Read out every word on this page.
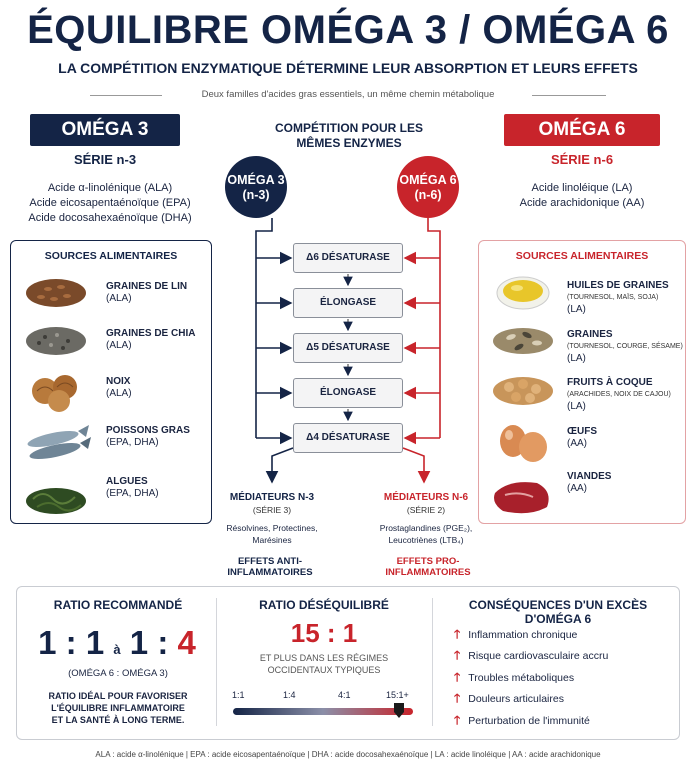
ÉQUILIBRE OMÉGA 3 / OMÉGA 6
LA COMPÉTITION ENZYMATIQUE DÉTERMINE LEUR ABSORPTION ET LEURS EFFETS
Deux familles d'acides gras essentiels, un même chemin métabolique
OMÉGA 3	OMÉGA 6
SÉRIE n-3	SÉRIE n-6
Acide α-linolénique (ALA)
Acide eicosapentaénoïque (EPA)
Acide docosahexaénoïque (DHA)
Acide linoléique (LA)
Acide arachidonique (AA)
SOURCES ALIMENTAIRES
GRAINES DE LIN
(ALA)
GRAINES DE CHIA
(ALA)
NOIX
(ALA)
POISSONS GRAS
(EPA, DHA)
ALGUES
(EPA, DHA)
SOURCES ALIMENTAIRES
HUILES DE GRAINES
(TOURNESOL, MAÏS, SOJA)
(LA)
GRAINES
(TOURNESOL, COURGE, SÉSAME)
(LA)
FRUITS À COQUE
(ARACHIDES, NOIX DE CAJOU)
(LA)
ŒUFS
(AA)
VIANDES
(AA)
COMPÉTITION POUR LES
MÊMES ENZYMES
OMÉGA 3
(n-3)
OMÉGA 6
(n-6)
Δ6 DÉSATURASE
ÉLONGASE
Δ5 DÉSATURASE
ÉLONGASE
Δ4 DÉSATURASE
MÉDIATEURS N-3
(SÉRIE 3)
Résolvines, Protectines,
Marésines
MÉDIATEURS N-6
(SÉRIE 2)
Prostaglandines (PGE₂),
Leucotriènes (LTB₄)
EFFETS ANTI-INFLAMMATOIRES
EFFETS PRO-INFLAMMATOIRES
RATIO RECOMMANDÉ
1 : 1 à 1 : 4
(OMÉGA 6 : OMÉGA 3)
RATIO IDÉAL POUR FAVORISER
L'ÉQUILIBRE INFLAMMATOIRE
ET LA SANTÉ À LONG TERME.
RATIO DÉSÉQUILIBRÉ
15 : 1
ET PLUS DANS LES RÉGIMES
OCCIDENTAUX TYPIQUES
1:1	1:4	4:1	15:1+
CONSÉQUENCES D'UN EXCÈS D'OMÉGA 6
🡑 Inflammation chronique
🡑 Risque cardiovasculaire accru
🡑 Troubles métaboliques
🡑 Douleurs articulaires
🡑 Perturbation de l'immunité
ALA : acide α-linolénique | EPA : acide eicosapentaénoïque | DHA : acide docosahexaénoïque | LA : acide linoléique | AA : acide arachidonique
